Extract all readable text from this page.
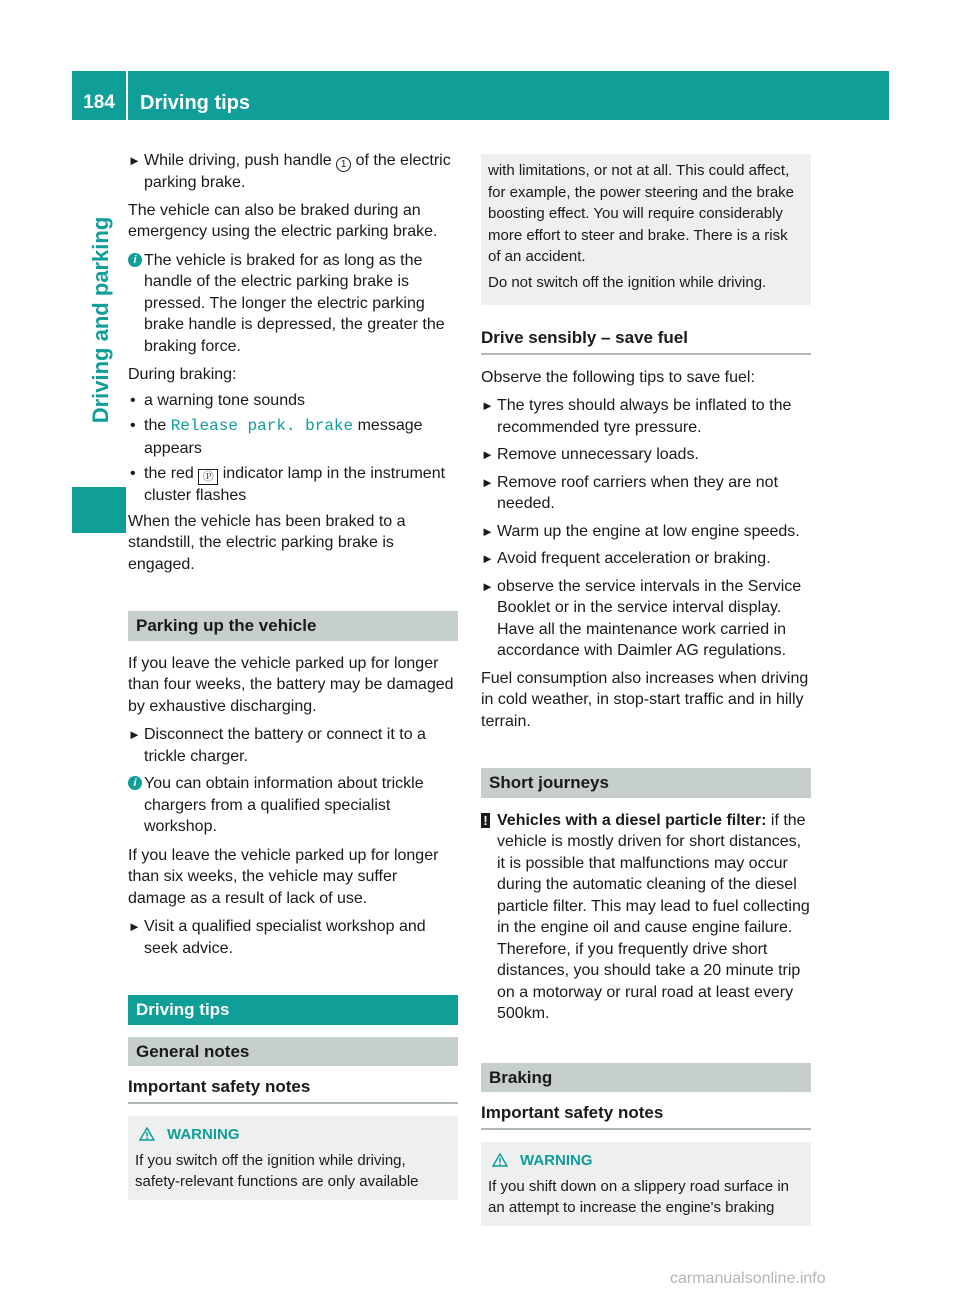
184	Driving tips
Driving and parking
► While driving, push handle 1 of the electric parking brake.
The vehicle can also be braked during an emergency using the electric parking brake.
i The vehicle is braked for as long as the handle of the electric parking brake is pressed. The longer the electric parking brake handle is depressed, the greater the braking force.
During braking:
• a warning tone sounds
• the Release park. brake message appears
• the red Ⓟ indicator lamp in the instrument cluster flashes
When the vehicle has been braked to a standstill, the electric parking brake is engaged.
Parking up the vehicle
If you leave the vehicle parked up for longer than four weeks, the battery may be damaged by exhaustive discharging.
► Disconnect the battery or connect it to a trickle charger.
i You can obtain information about trickle chargers from a qualified specialist workshop.
If you leave the vehicle parked up for longer than six weeks, the vehicle may suffer damage as a result of lack of use.
► Visit a qualified specialist workshop and seek advice.
Driving tips
General notes
Important safety notes
WARNING
If you switch off the ignition while driving, safety-relevant functions are only available

with limitations, or not at all. This could affect, for example, the power steering and the brake boosting effect. You will require considerably more effort to steer and brake. There is a risk of an accident.

Do not switch off the ignition while driving.

Drive sensibly – save fuel
Observe the following tips to save fuel:
► The tyres should always be inflated to the recommended tyre pressure.
► Remove unnecessary loads.
► Remove roof carriers when they are not needed.
► Warm up the engine at low engine speeds.
► Avoid frequent acceleration or braking.
► observe the service intervals in the Service Booklet or in the service interval display. Have all the maintenance work carried in accordance with Daimler AG regulations.
Fuel consumption also increases when driving in cold weather, in stop-start traffic and in hilly terrain.
Short journeys
! Vehicles with a diesel particle filter: if the vehicle is mostly driven for short distances, it is possible that malfunctions may occur during the automatic cleaning of the diesel particle filter. This may lead to fuel collecting in the engine oil and cause engine failure. Therefore, if you frequently drive short distances, you should take a 20 minute trip on a motorway or rural road at least every 500km.
Braking
Important safety notes
WARNING
If you shift down on a slippery road surface in an attempt to increase the engine's braking
carmanualsonline.info
